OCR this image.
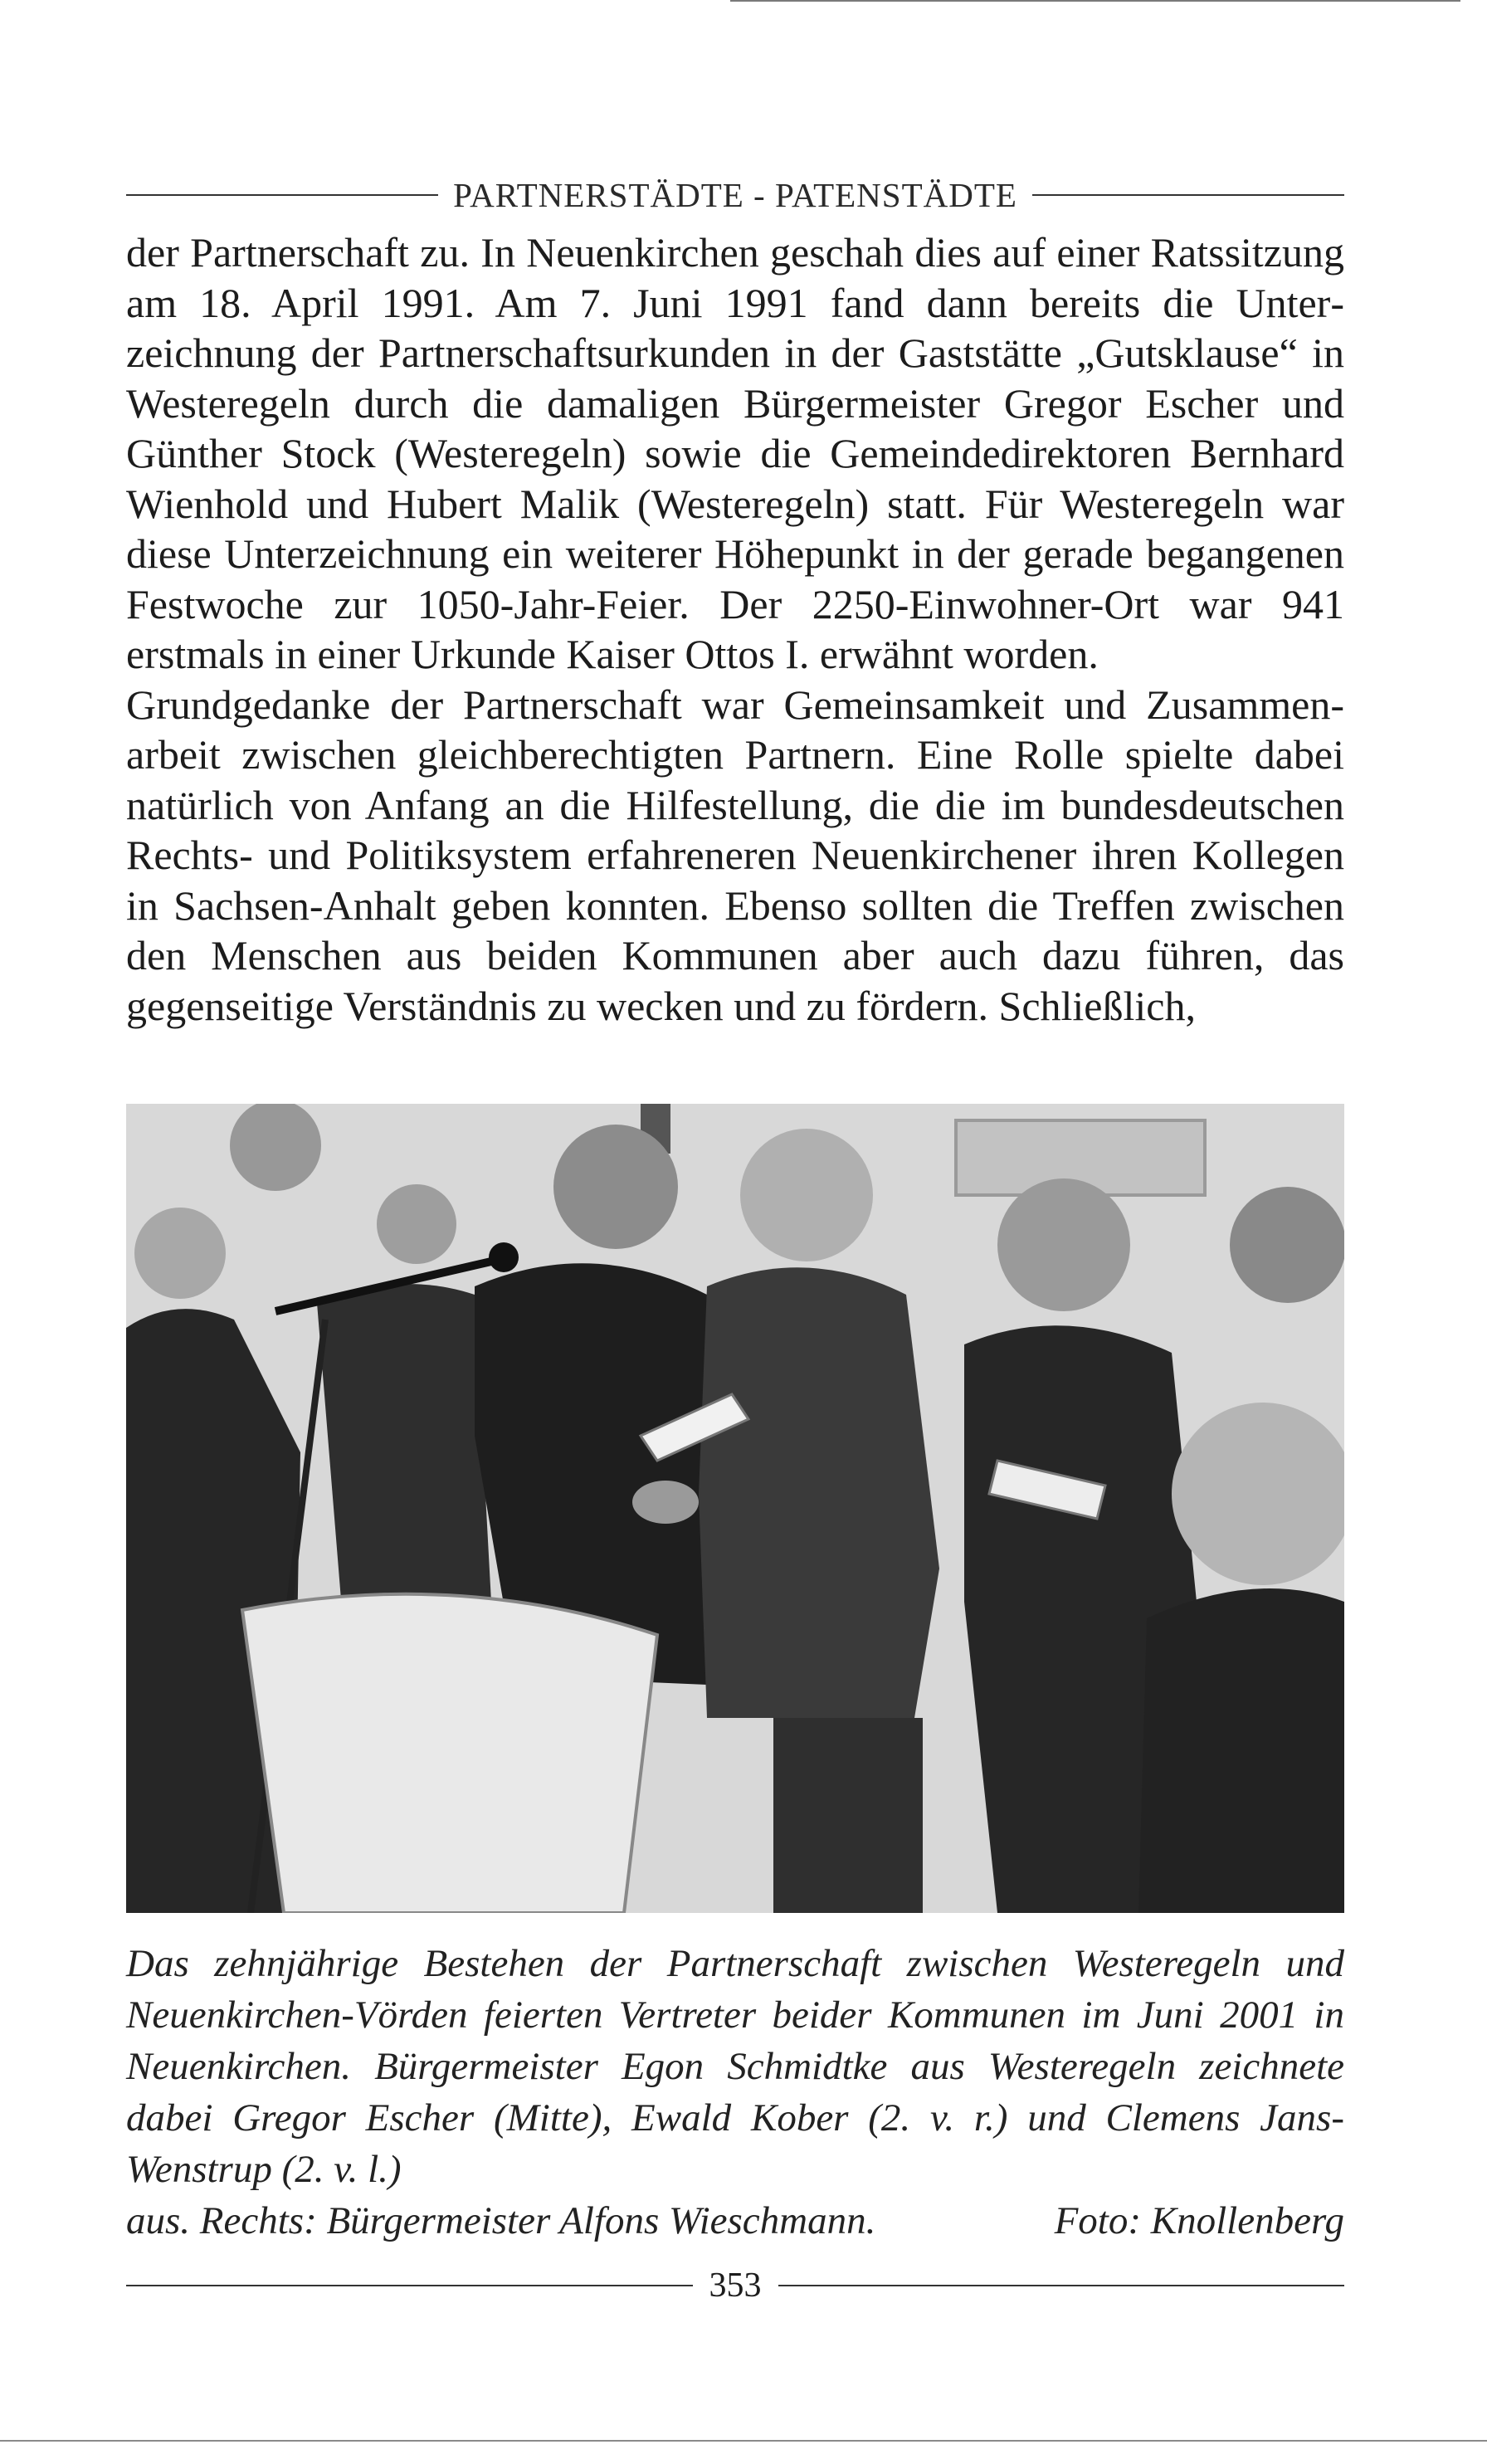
PARTNERSTÄDTE - PATENSTÄDTE

der Partnerschaft zu. In Neuenkirchen geschah dies auf einer Ratssitzung am 18. April 1991. Am 7. Juni 1991 fand dann bereits die Unterzeichnung der Partnerschaftsurkunden in der Gaststätte „Gutsklause“ in Westeregeln durch die damaligen Bürgermeister Gregor Escher und Günther Stock (Westeregeln) sowie die Gemeindedirektoren Bernhard Wienhold und Hubert Malik (Westeregeln) statt. Für Westeregeln war diese Unterzeichnung ein weiterer Höhepunkt in der gerade begangenen Festwoche zur 1050-Jahr-Feier. Der 2250-Einwohner-Ort war 941 erstmals in einer Urkunde Kaiser Ottos I. erwähnt worden.

Grundgedanke der Partnerschaft war Gemeinsamkeit und Zusammenarbeit zwischen gleichberechtigten Partnern. Eine Rolle spielte dabei natürlich von Anfang an die Hilfestellung, die die im bundesdeutschen Rechts- und Politiksystem erfahreneren Neuenkirchener ihren Kollegen in Sachsen-Anhalt geben konnten. Ebenso sollten die Treffen zwischen den Menschen aus beiden Kommunen aber auch dazu führen, das gegenseitige Verständnis zu wecken und zu fördern. Schließlich,

Das zehnjährige Bestehen der Partnerschaft zwischen Westeregeln und Neuenkirchen-Vörden feierten Vertreter beider Kommunen im Juni 2001 in Neuenkirchen. Bürgermeister Egon Schmidtke aus Westeregeln zeichnete dabei Gregor Escher (Mitte), Ewald Kober (2. v. r.) und Clemens Jans-Wenstrup (2. v. l.)
aus. Rechts: Bürgermeister Alfons Wieschmann.	Foto: Knollenberg
353
